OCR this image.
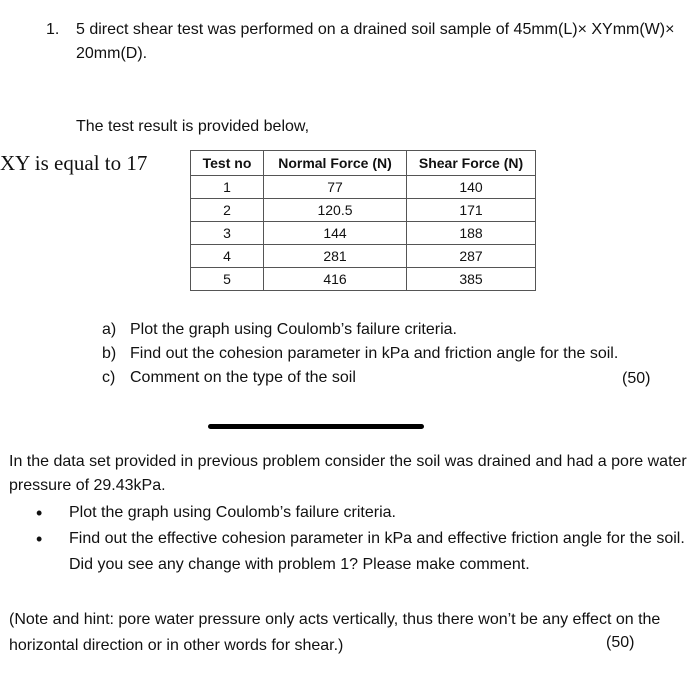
1. 5 direct shear test was performed on a drained soil sample of 45mm(L)× XYmm(W)×
20mm(D).
The test result is provided below,
XY is equal to 17	Test no	Normal Force (N)	Shear Force (N)
1	77	140
2	120.5	171
3	144	188
4	281	287
5	416	385
a) Plot the graph using Coulomb’s failure criteria.
b) Find out the cohesion parameter in kPa and friction angle for the soil.
c) Comment on the type of the soil	(50)
In the data set provided in previous problem consider the soil was drained and had a pore water pressure of 29.43kPa.
•	Plot the graph using Coulomb’s failure criteria.
•	Find out the effective cohesion parameter in kPa and effective friction angle for the soil. Did you see any change with problem 1? Please make comment.
(Note and hint: pore water pressure only acts vertically, thus there won’t be any effect on the horizontal direction or in other words for shear.)	(50)
